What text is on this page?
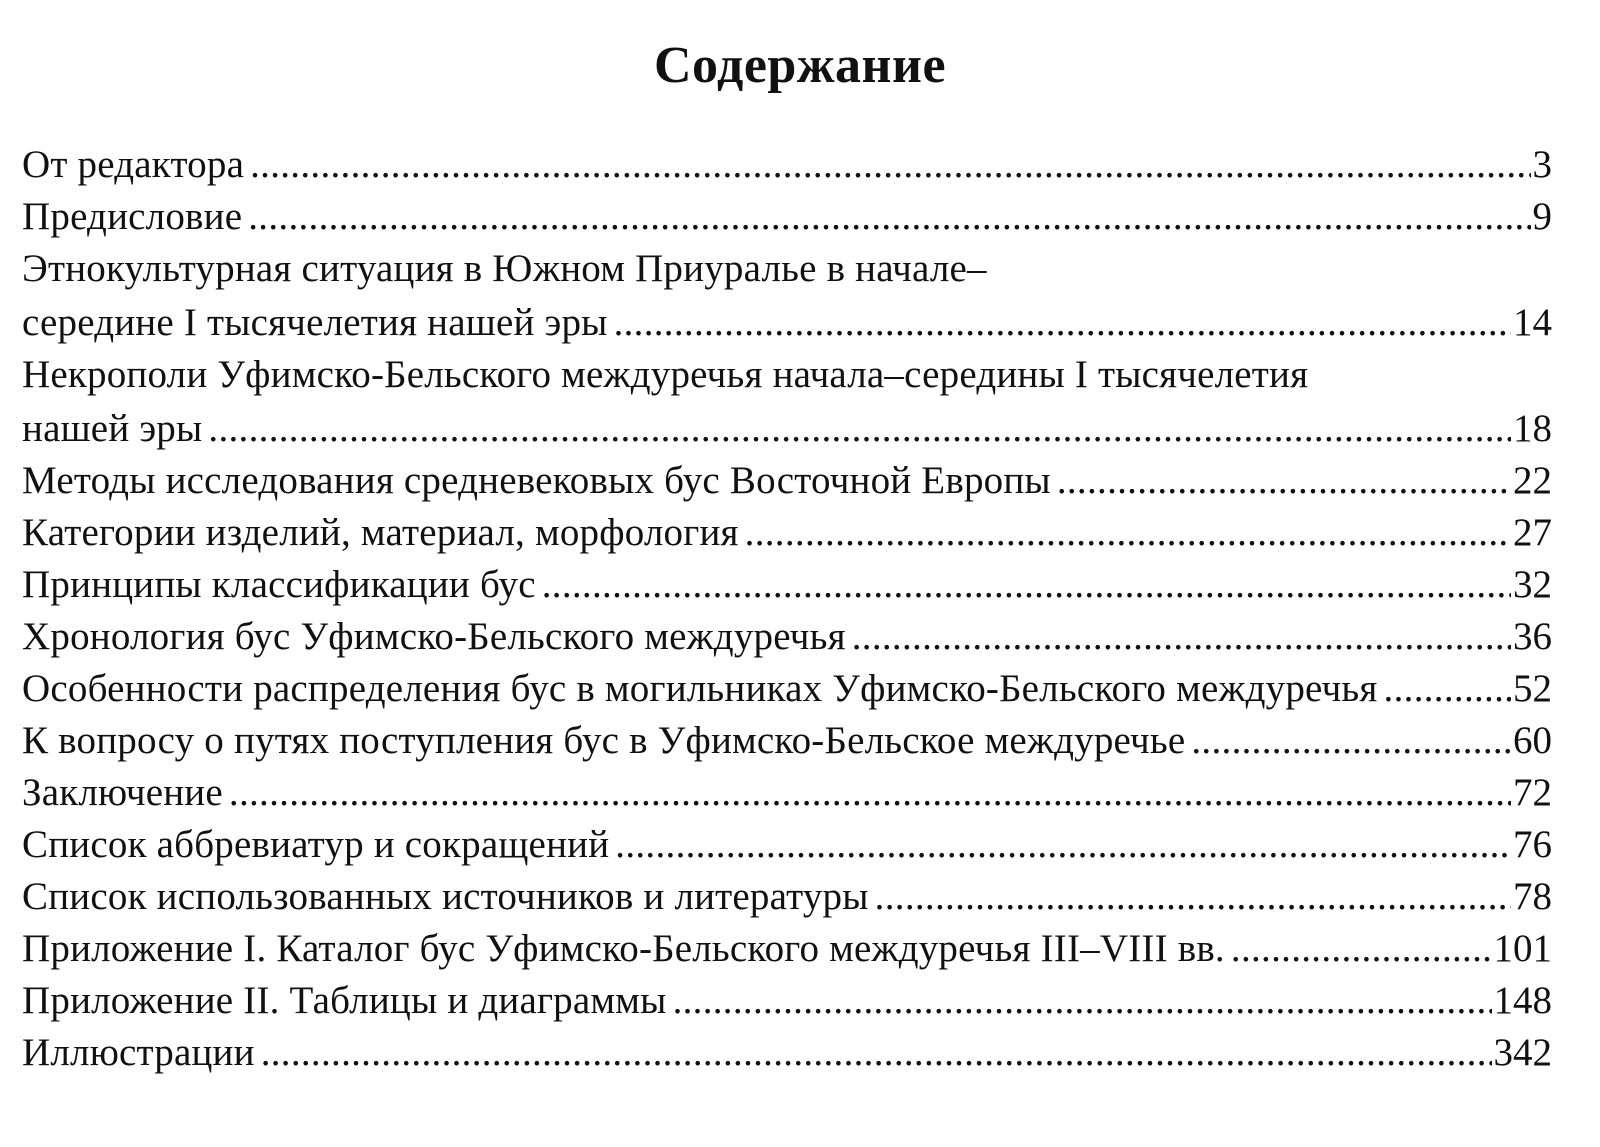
Содержание
От редактора .....	3
Предисловие .....	9
Этнокультурная ситуация в Южном Приуралье в начале–
середине I тысячелетия нашей эры .....	14
Некрополи Уфимско-Бельского междуречья начала–середины I тысячелетия
нашей эры .....	18
Методы исследования средневековых бус Восточной Европы .....	22
Категории изделий, материал, морфология .....	27
Принципы классификации бус .....	32
Хронология бус Уфимско-Бельского междуречья .....	36
Особенности распределения бус в могильниках Уфимско-Бельского междуречья .....	52
К вопросу о путях поступления бус в Уфимско-Бельское междуречье .....	60
Заключение .....	72
Список аббревиатур и сокращений .....	76
Список использованных источников и литературы .....	78
Приложение I. Каталог бус Уфимско-Бельского междуречья III–VIII вв. .....	101
Приложение II. Таблицы и диаграммы .....	148
Иллюстрации .....	342
